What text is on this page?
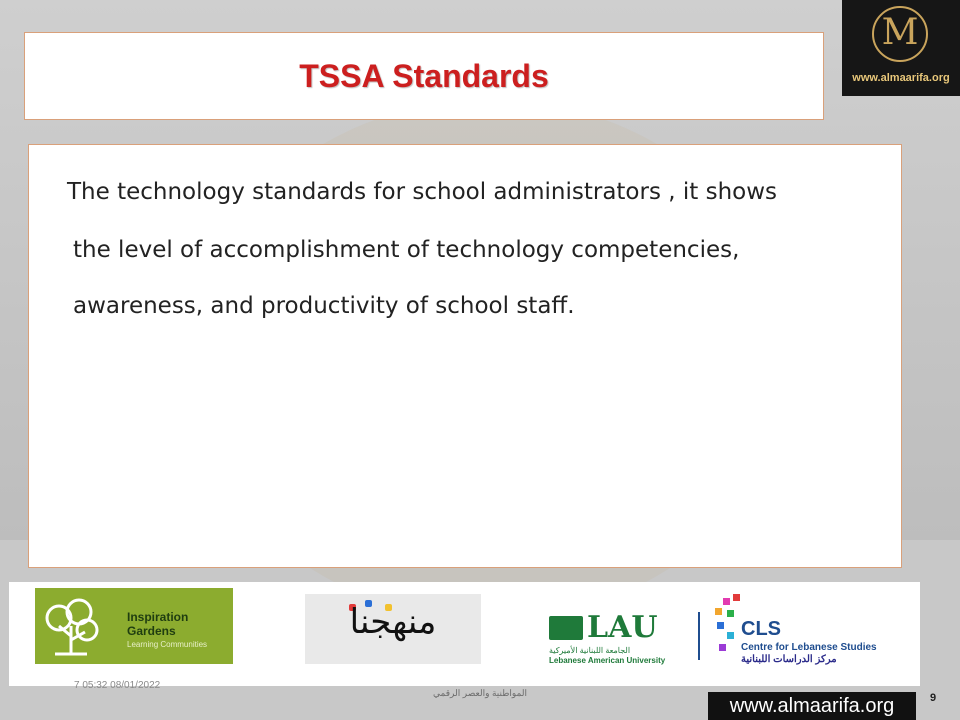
M
www.almaarifa.org
TSSA Standards

The technology standards for school administrators , it shows

the level of accomplishment of technology competencies,

awareness, and productivity of school staff.

Inspiration
Gardens
Learning Communities
منهجنا	LAU
الجامعة اللبنانية الأميركية
Lebanese American University
CLS
Centre for Lebanese Studies
مركز الدراسات اللبنانية
7 05:32 08/01/2022
المواطنية والعصر الرقمي
www.almaarifa.org	9
